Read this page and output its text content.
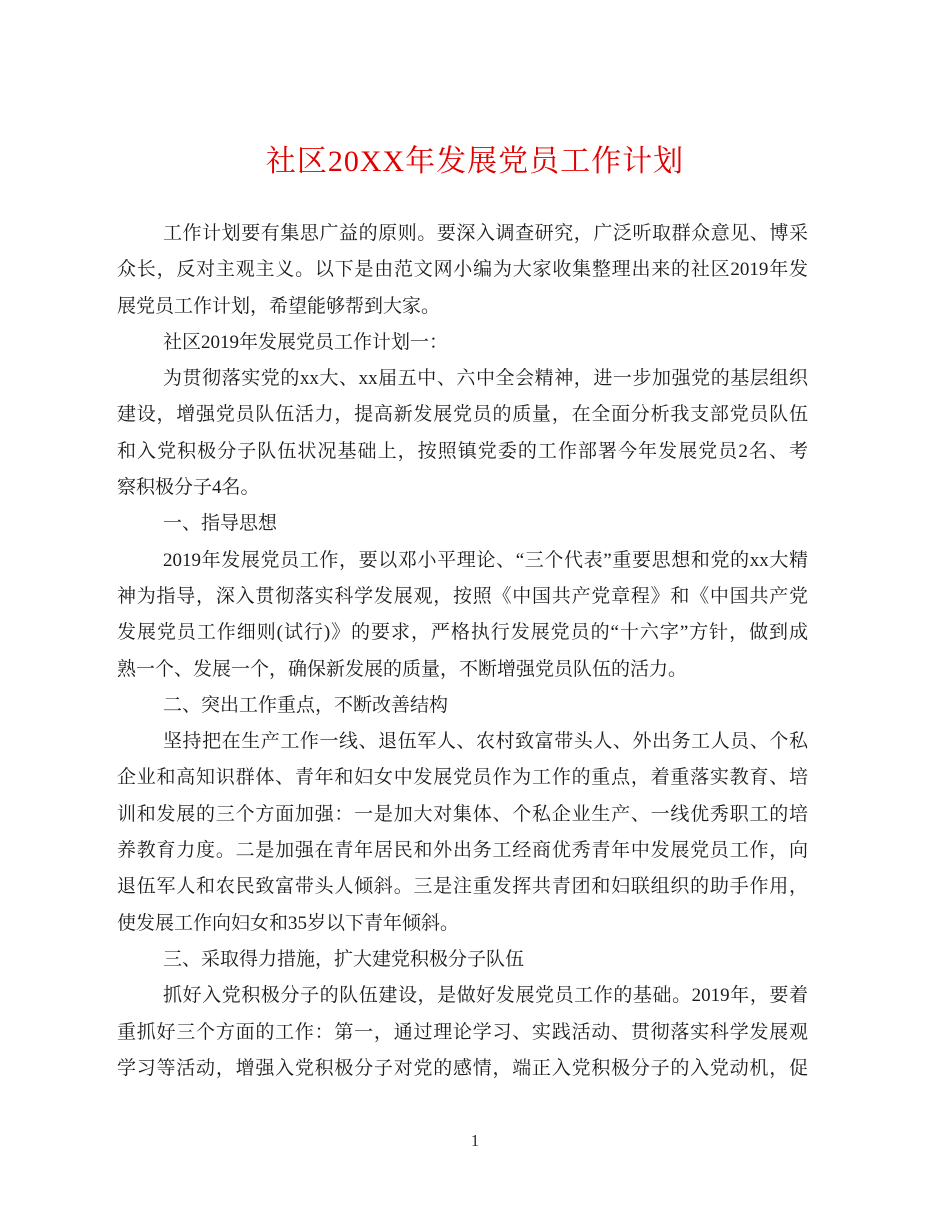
社区20XX年发展党员工作计划
工作计划要有集思广益的原则。要深入调查研究，广泛听取群众意见、博采
众长，反对主观主义。以下是由范文网小编为大家收集整理出来的社区2019年发
展党员工作计划，希望能够帮到大家。
社区2019年发展党员工作计划一：
为贯彻落实党的xx大、xx届五中、六中全会精神，进一步加强党的基层组织
建设，增强党员队伍活力，提高新发展党员的质量，在全面分析我支部党员队伍
和入党积极分子队伍状况基础上，按照镇党委的工作部署今年发展党员2名、考
察积极分子4名。
一、指导思想
2019年发展党员工作，要以邓小平理论、“三个代表”重要思想和党的xx大精
神为指导，深入贯彻落实科学发展观，按照《中国共产党章程》和《中国共产党
发展党员工作细则(试行)》的要求，严格执行发展党员的“十六字”方针，做到成
熟一个、发展一个，确保新发展的质量，不断增强党员队伍的活力。
二、突出工作重点，不断改善结构
坚持把在生产工作一线、退伍军人、农村致富带头人、外出务工人员、个私
企业和高知识群体、青年和妇女中发展党员作为工作的重点，着重落实教育、培
训和发展的三个方面加强：一是加大对集体、个私企业生产、一线优秀职工的培
养教育力度。二是加强在青年居民和外出务工经商优秀青年中发展党员工作，向
退伍军人和农民致富带头人倾斜。三是注重发挥共青团和妇联组织的助手作用，
使发展工作向妇女和35岁以下青年倾斜。
三、采取得力措施，扩大建党积极分子队伍
抓好入党积极分子的队伍建设，是做好发展党员工作的基础。2019年，要着
重抓好三个方面的工作：第一，通过理论学习、实践活动、贯彻落实科学发展观
学习等活动，增强入党积极分子对党的感情，端正入党积极分子的入党动机，促
1
